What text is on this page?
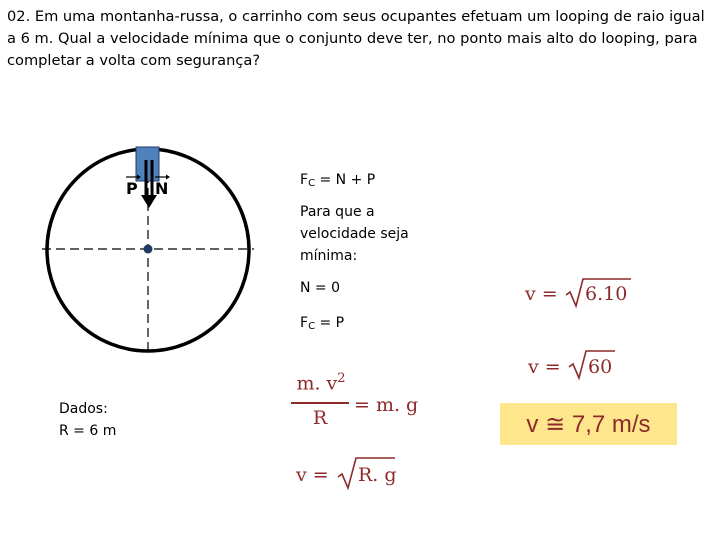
02. Em uma montanha-russa, o carrinho com seus ocupantes efetuam um looping de raio igual a 6 m. Qual a velocidade mínima que o conjunto deve ter, no ponto mais alto do looping, para completar a volta com segurança?

P N	$F_C = N + P$
Para que a velocidade seja mínima:
N = 0
$F_C = P$
Dados:
R = 6 m
m. $v^2$
R
= m. g
v = R. g
v = 6.10
v = 60
v ≅ 7,7 m/s
